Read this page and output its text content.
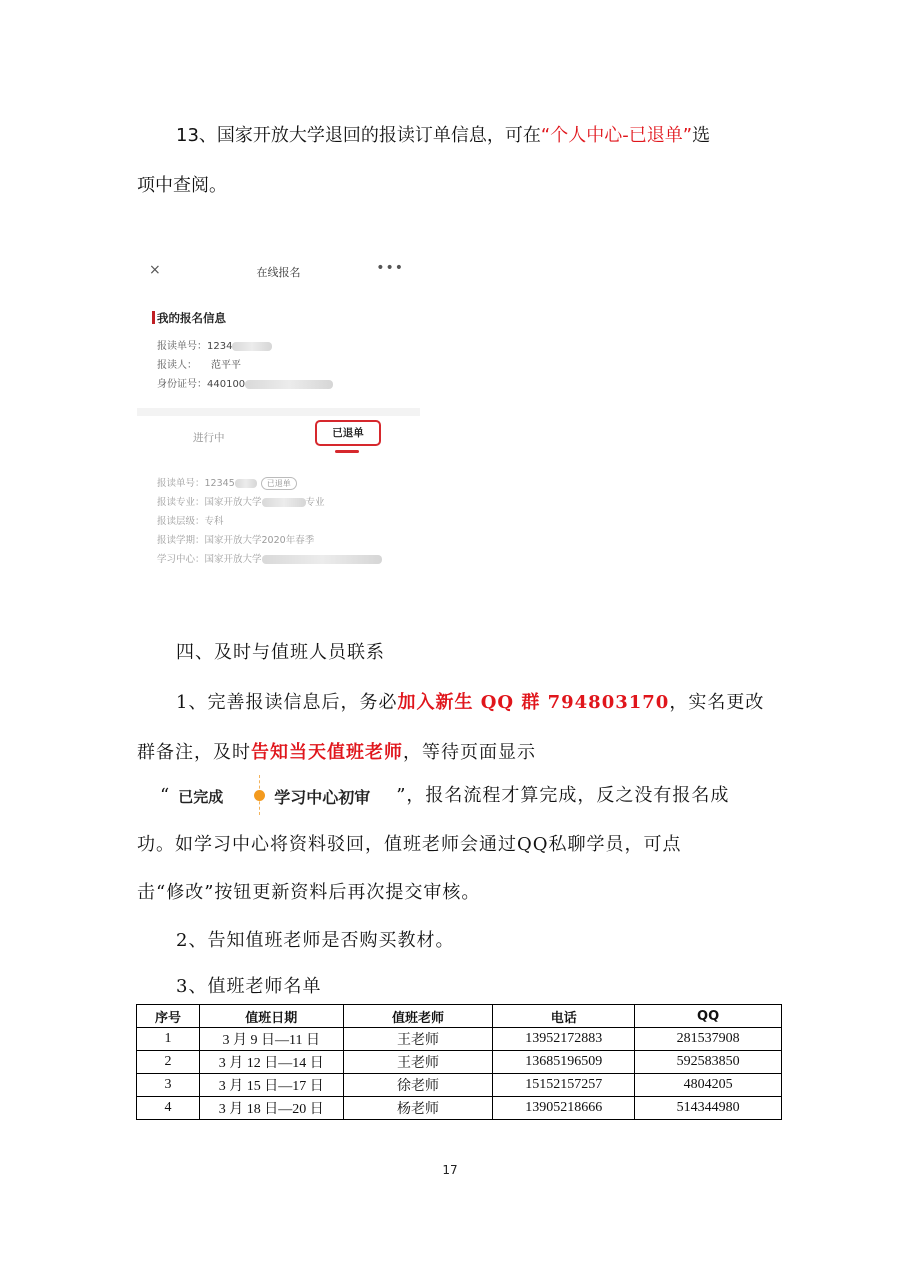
13、国家开放大学退回的报读订单信息，可在“个人中心-已退单”选

项中查阅。

×	在线报名	•••
我的报名信息
报读单号：1234
报读人： 范平平
身份证号：440100
进行中	已退单
报读单号：12345	已退单
报读专业：国家开放大学	专业
报读层级：专科
报读学期：国家开放大学2020年春季
学习中心：国家开放大学

四、及时与值班人员联系

1、完善报读信息后，务必加入新生 QQ 群 794803170，实名更改

群备注，及时告知当天值班老师，等待页面显示

“ 已完成	学习中心初审 ”，报名流程才算完成，反之没有报名成

功。如学习中心将资料驳回，值班老师会通过QQ私聊学员，可点

击“修改”按钮更新资料后再次提交审核。

2、告知值班老师是否购买教材。

3、值班老师名单

序号	值班日期	值班老师	电话	QQ
1	3 月 9 日—11 日	王老师	13952172883	281537908
2	3 月 12 日—14 日	王老师	13685196509	592583850
3	3 月 15 日—17 日	徐老师	15152157257	4804205
4	3 月 18 日—20 日	杨老师	13905218666	514344980
17
